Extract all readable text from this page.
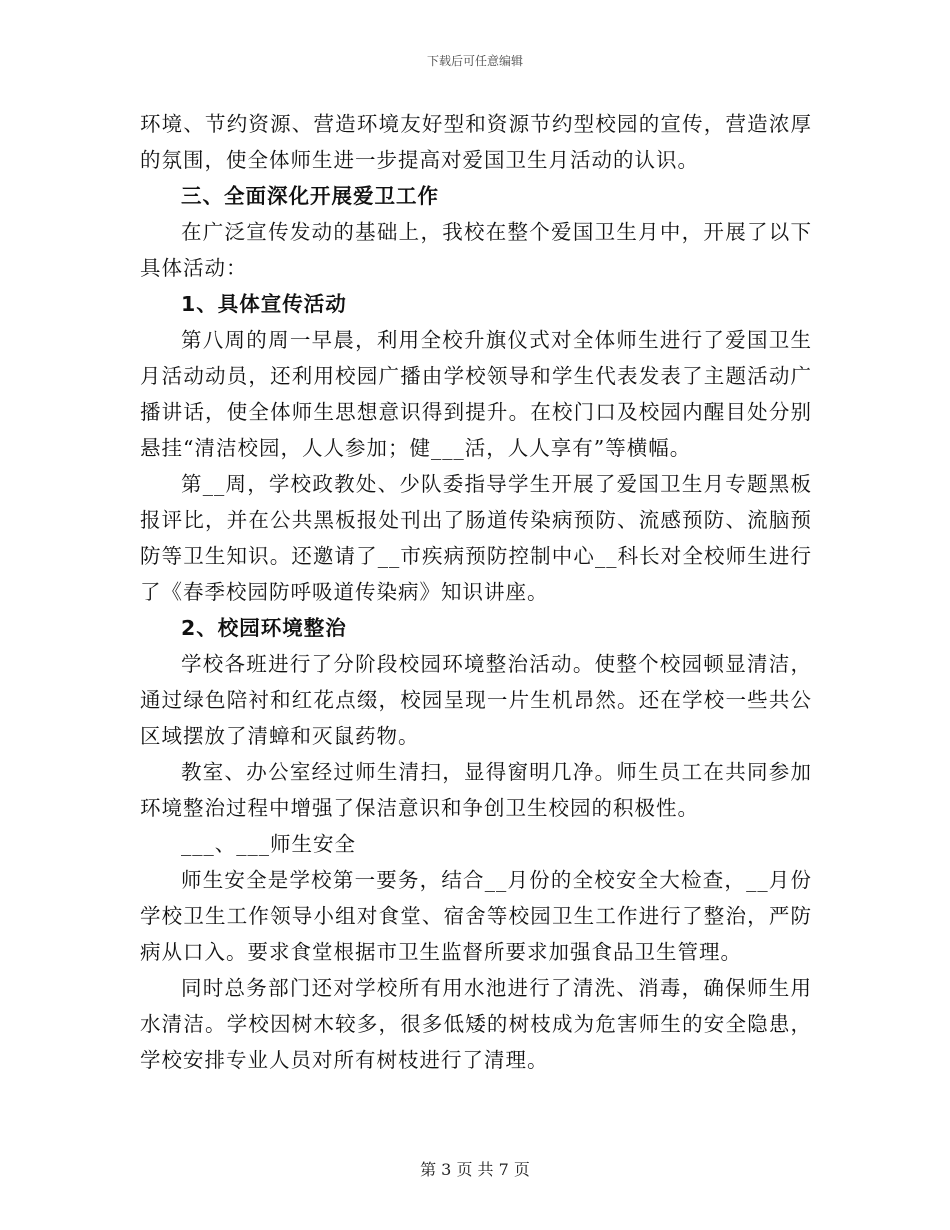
下载后可任意编辑

环境、节约资源、营造环境友好型和资源节约型校园的宣传，营造浓厚的氛围，使全体师生进一步提高对爱国卫生月活动的认识。

三、全面深化开展爱卫工作

在广泛宣传发动的基础上，我校在整个爱国卫生月中，开展了以下具体活动：

1、具体宣传活动

第八周的周一早晨，利用全校升旗仪式对全体师生进行了爱国卫生月活动动员，还利用校园广播由学校领导和学生代表发表了主题活动广播讲话，使全体师生思想意识得到提升。在校门口及校园内醒目处分别悬挂“清洁校园，人人参加；健___活，人人享有”等横幅。

第__周，学校政教处、少队委指导学生开展了爱国卫生月专题黑板报评比，并在公共黑板报处刊出了肠道传染病预防、流感预防、流脑预防等卫生知识。还邀请了__市疾病预防控制中心__科长对全校师生进行了《春季校园防呼吸道传染病》知识讲座。

2、校园环境整治

学校各班进行了分阶段校园环境整治活动。使整个校园顿显清洁，通过绿色陪衬和红花点缀，校园呈现一片生机昂然。还在学校一些共公区域摆放了清蟑和灭鼠药物。

教室、办公室经过师生清扫，显得窗明几净。师生员工在共同参加环境整治过程中增强了保洁意识和争创卫生校园的积极性。

___、___师生安全

师生安全是学校第一要务，结合__月份的全校安全大检查，__月份学校卫生工作领导小组对食堂、宿舍等校园卫生工作进行了整治，严防病从口入。要求食堂根据市卫生监督所要求加强食品卫生管理。

同时总务部门还对学校所有用水池进行了清洗、消毒，确保师生用水清洁。学校因树木较多，很多低矮的树枝成为危害师生的安全隐患，学校安排专业人员对所有树枝进行了清理。

第 3 页 共 7 页
